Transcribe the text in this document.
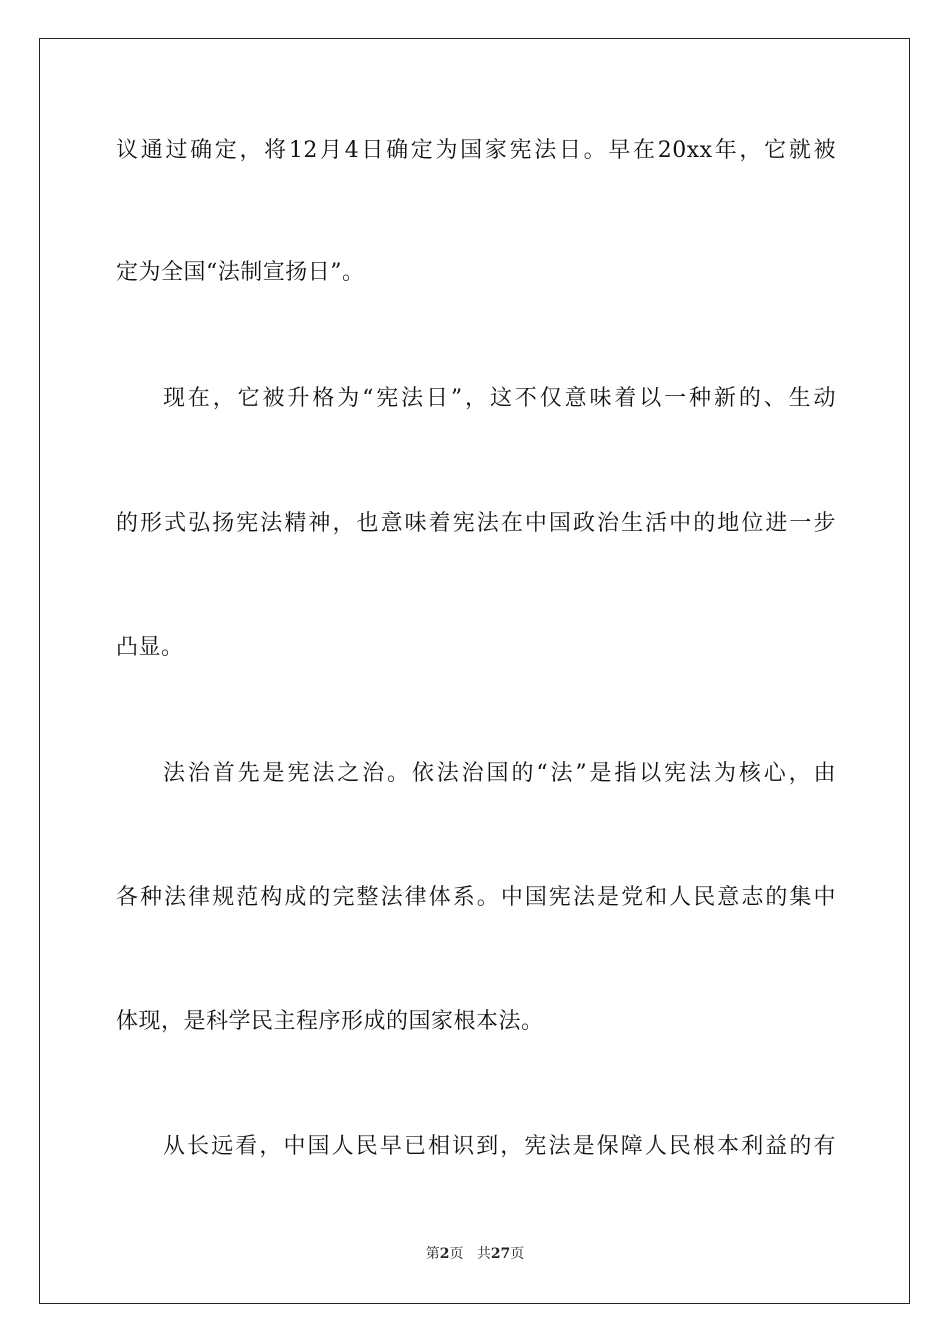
议通过确定，将12月4日确定为国家宪法日。早在20xx年，它就被
定为全国“法制宣扬日”。
现在，它被升格为“宪法日”，这不仅意味着以一种新的、生动
的形式弘扬宪法精神，也意味着宪法在中国政治生活中的地位进一步
凸显。
法治首先是宪法之治。依法治国的“法”是指以宪法为核心，由
各种法律规范构成的完整法律体系。中国宪法是党和人民意志的集中
体现，是科学民主程序形成的国家根本法。
从长远看，中国人民早已相识到，宪法是保障人民根本利益的有
第2页 共27页
